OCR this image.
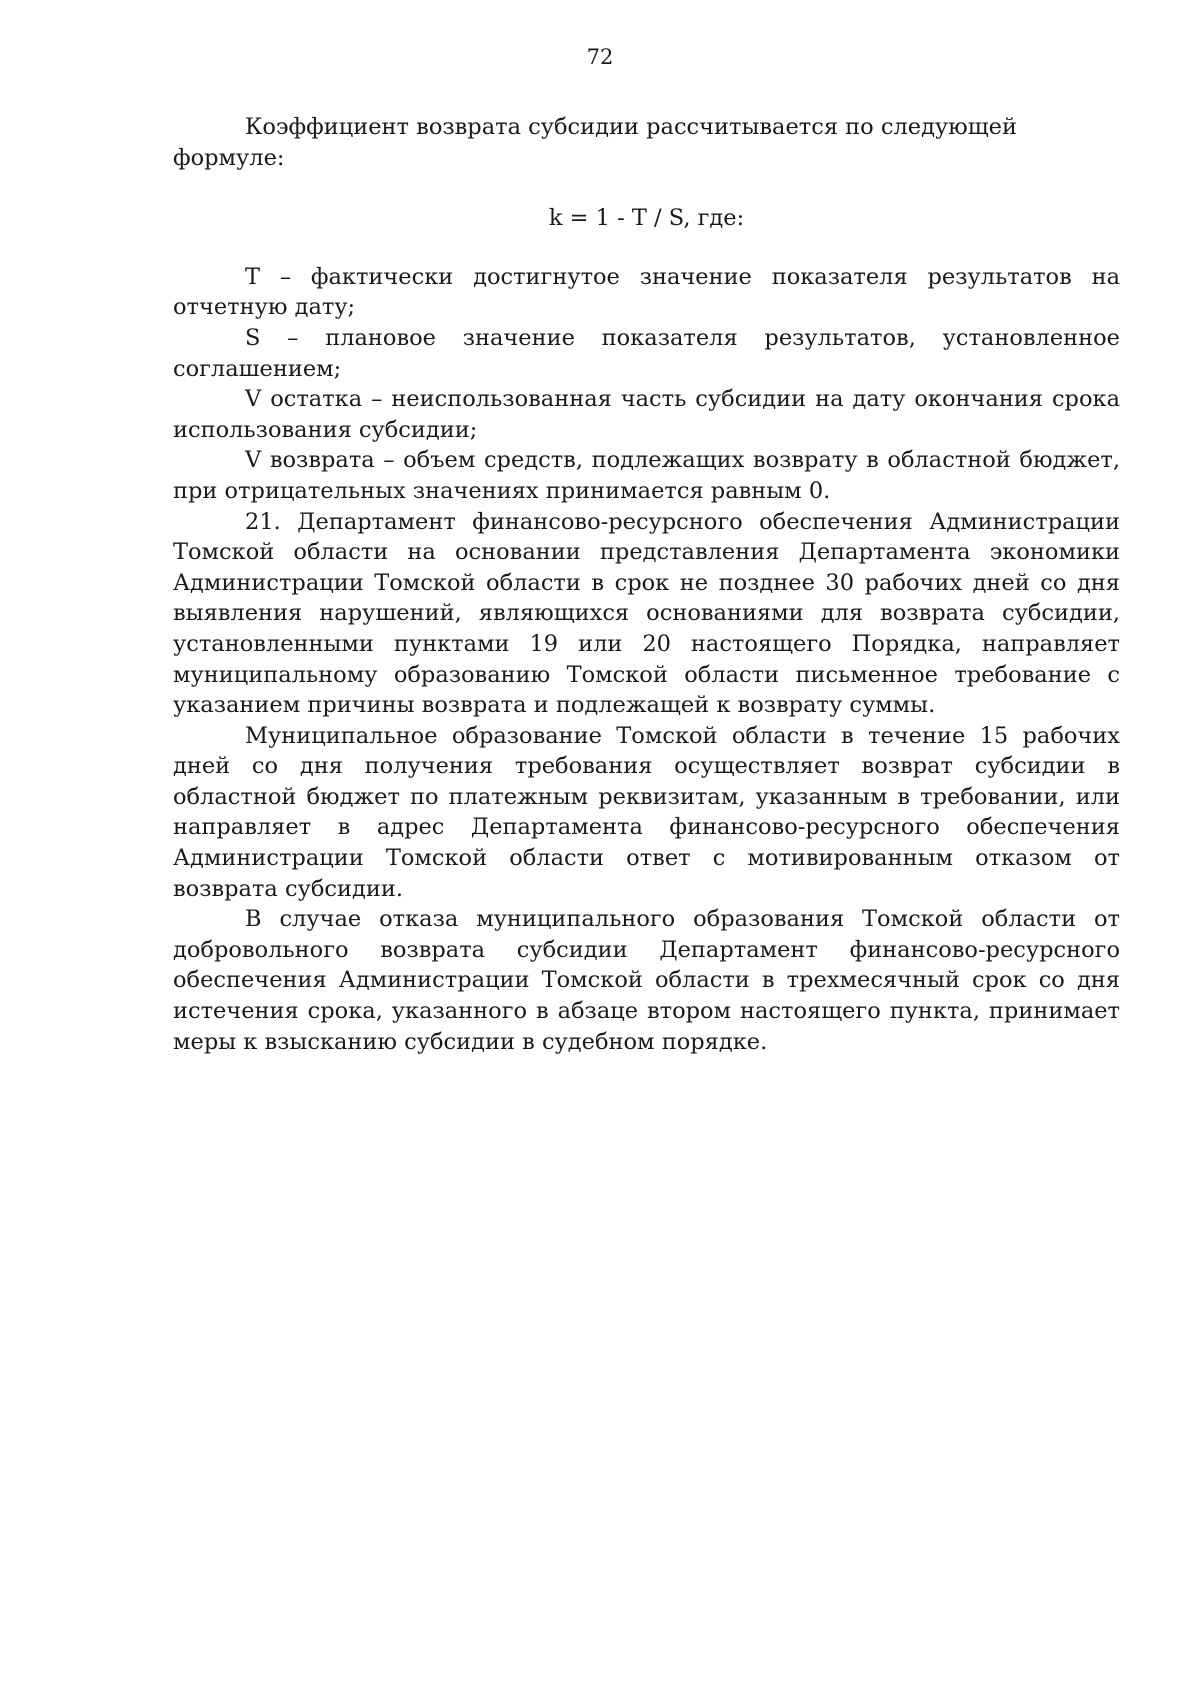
72

Коэффициент возврата субсидии рассчитывается по следующей формуле:

k = 1 - T / S, где:

T – фактически достигнутое значение показателя результатов на отчетную дату;

S – плановое значение показателя результатов, установленное соглашением;

V остатка – неиспользованная часть субсидии на дату окончания срока использования субсидии;

V возврата – объем средств, подлежащих возврату в областной бюджет, при отрицательных значениях принимается равным 0.

21. Департамент финансово-ресурсного обеспечения Администрации Томской области на основании представления Департамента экономики Администрации Томской области в срок не позднее 30 рабочих дней со дня выявления нарушений, являющихся основаниями для возврата субсидии, установленными пунктами 19 или 20 настоящего Порядка, направляет муниципальному образованию Томской области письменное требование с указанием причины возврата и подлежащей к возврату суммы.

Муниципальное образование Томской области в течение 15 рабочих дней со дня получения требования осуществляет возврат субсидии в областной бюджет по платежным реквизитам, указанным в требовании, или направляет в адрес Департамента финансово-ресурсного обеспечения Администрации Томской области ответ с мотивированным отказом от возврата субсидии.

В случае отказа муниципального образования Томской области от добровольного возврата субсидии Департамент финансово-ресурсного обеспечения Администрации Томской области в трехмесячный срок со дня истечения срока, указанного в абзаце втором настоящего пункта, принимает меры к взысканию субсидии в судебном порядке.
